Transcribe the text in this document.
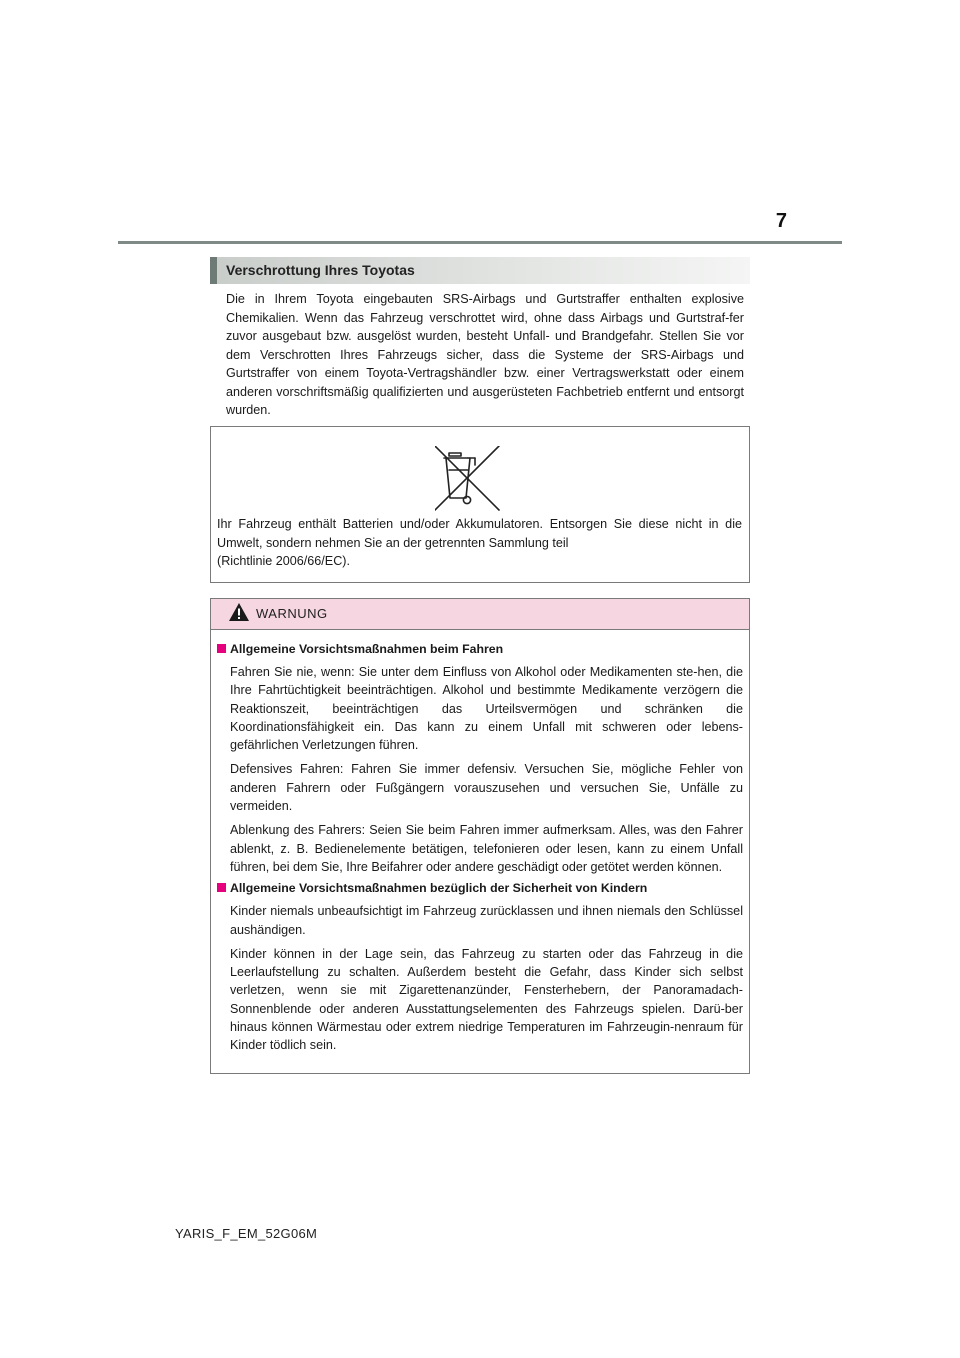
7
Verschrottung Ihres Toyotas

Die in Ihrem Toyota eingebauten SRS-Airbags und Gurtstraffer enthalten explosive Chemikalien. Wenn das Fahrzeug verschrottet wird, ohne dass Airbags und Gurtstraf-fer zuvor ausgebaut bzw. ausgelöst wurden, besteht Unfall- und Brandgefahr. Stellen Sie vor dem Verschrotten Ihres Fahrzeugs sicher, dass die Systeme der SRS-Airbags und Gurtstraffer von einem Toyota-Vertragshändler bzw. einer Vertragswerkstatt oder einem anderen vorschriftsmäßig qualifizierten und ausgerüsteten Fachbetrieb entfernt und entsorgt wurden.

Ihr Fahrzeug enthält Batterien und/oder Akkumulatoren. Entsorgen Sie diese nicht in die Umwelt, sondern nehmen Sie an der getrennten Sammlung teil
(Richtlinie 2006/66/EC).

WARNUNG
Allgemeine Vorsichtsmaßnahmen beim Fahren

Fahren Sie nie, wenn: Sie unter dem Einfluss von Alkohol oder Medikamenten ste-hen, die Ihre Fahrtüchtigkeit beeinträchtigen. Alkohol und bestimmte Medikamente verzögern die Reaktionszeit, beeinträchtigen das Urteilsvermögen und schränken die Koordinationsfähigkeit ein. Das kann zu einem Unfall mit schweren oder lebens-gefährlichen Verletzungen führen.

Defensives Fahren: Fahren Sie immer defensiv. Versuchen Sie, mögliche Fehler von anderen Fahrern oder Fußgängern vorauszusehen und versuchen Sie, Unfälle zu vermeiden.

Ablenkung des Fahrers: Seien Sie beim Fahren immer aufmerksam. Alles, was den Fahrer ablenkt, z. B. Bedienelemente betätigen, telefonieren oder lesen, kann zu einem Unfall führen, bei dem Sie, Ihre Beifahrer oder andere geschädigt oder getötet werden können.

Allgemeine Vorsichtsmaßnahmen bezüglich der Sicherheit von Kindern

Kinder niemals unbeaufsichtigt im Fahrzeug zurücklassen und ihnen niemals den Schlüssel aushändigen.

Kinder können in der Lage sein, das Fahrzeug zu starten oder das Fahrzeug in die Leerlaufstellung zu schalten. Außerdem besteht die Gefahr, dass Kinder sich selbst verletzen, wenn sie mit Zigarettenanzünder, Fensterhebern, der Panoramadach-Sonnenblende oder anderen Ausstattungselementen des Fahrzeugs spielen. Darü-ber hinaus können Wärmestau oder extrem niedrige Temperaturen im Fahrzeugin-nenraum für Kinder tödlich sein.

YARIS_F_EM_52G06M
